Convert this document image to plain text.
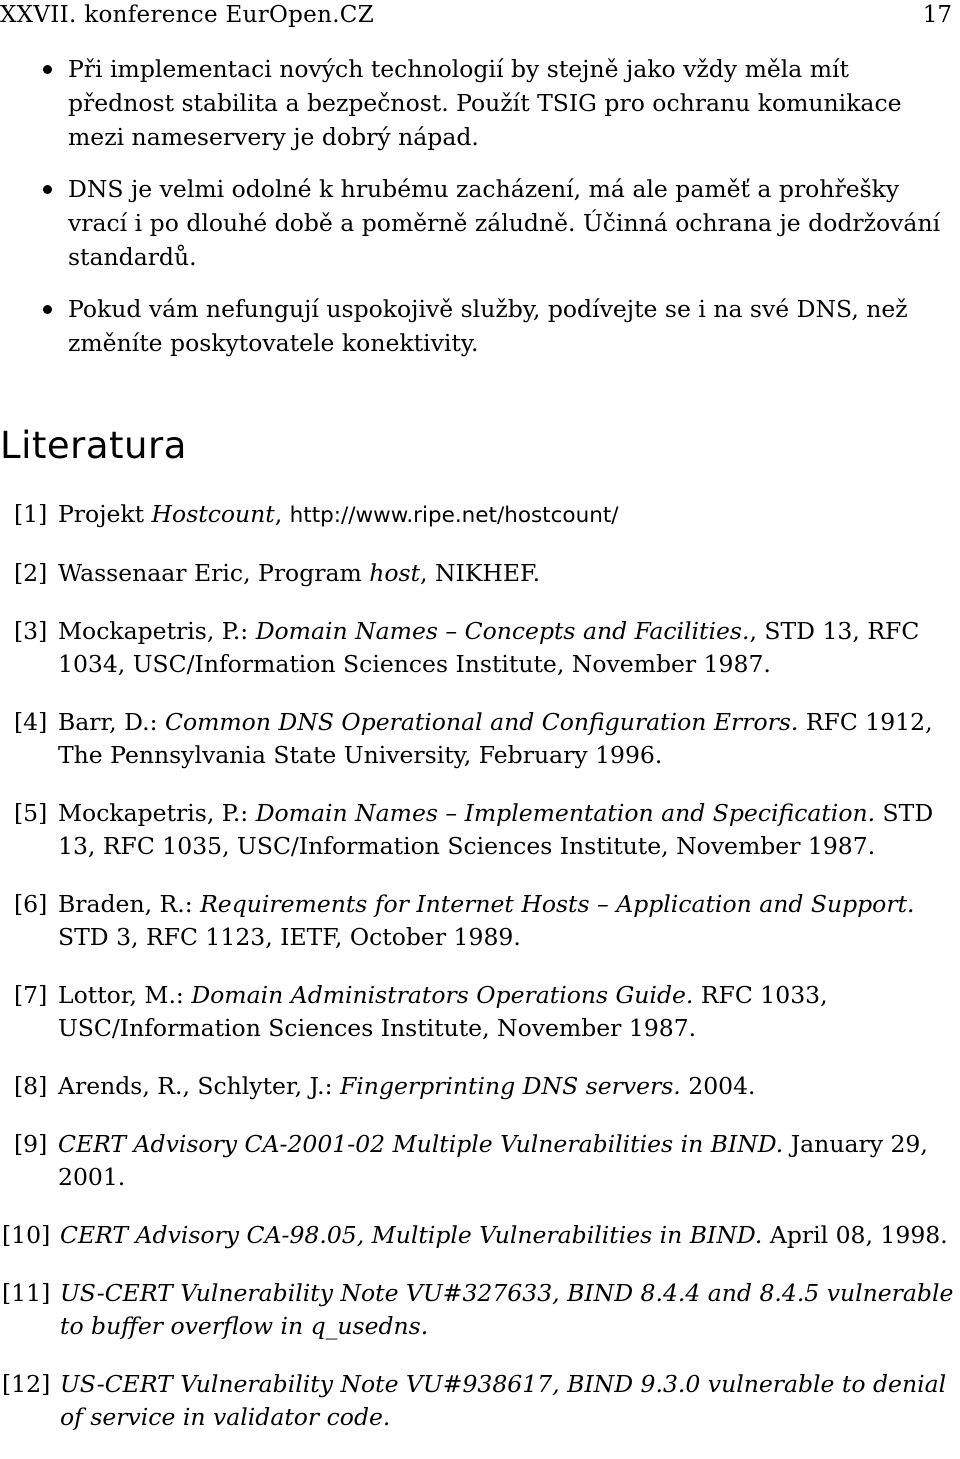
XXVII. konference EurOpen.CZ	17
Při implementaci nových technologií by stejně jako vždy měla mít přednost stabilita a bezpečnost. Použít TSIG pro ochranu komunikace mezi nameservery je dobrý nápad.
DNS je velmi odolné k hrubému zacházení, má ale paměť a prohřešky vrací i po dlouhé době a poměrně záludně. Účinná ochrana je dodržování standardů.
Pokud vám nefungují uspokojivě služby, podívejte se i na své DNS, než změníte poskytovatele konektivity.
Literatura
[1] Projekt Hostcount, http://www.ripe.net/hostcount/
[2] Wassenaar Eric, Program host, NIKHEF.
[3] Mockapetris, P.: Domain Names – Concepts and Facilities., STD 13, RFC 1034, USC/Information Sciences Institute, November 1987.
[4] Barr, D.: Common DNS Operational and Configuration Errors. RFC 1912, The Pennsylvania State University, February 1996.
[5] Mockapetris, P.: Domain Names – Implementation and Specification. STD 13, RFC 1035, USC/Information Sciences Institute, November 1987.
[6] Braden, R.: Requirements for Internet Hosts – Application and Support. STD 3, RFC 1123, IETF, October 1989.
[7] Lottor, M.: Domain Administrators Operations Guide. RFC 1033, USC/Information Sciences Institute, November 1987.
[8] Arends, R., Schlyter, J.: Fingerprinting DNS servers. 2004.
[9] CERT Advisory CA-2001-02 Multiple Vulnerabilities in BIND. January 29, 2001.
[10] CERT Advisory CA-98.05, Multiple Vulnerabilities in BIND. April 08, 1998.
[11] US-CERT Vulnerability Note VU#327633, BIND 8.4.4 and 8.4.5 vulnerable to buffer overflow in q_usedns.
[12] US-CERT Vulnerability Note VU#938617, BIND 9.3.0 vulnerable to denial of service in validator code.
